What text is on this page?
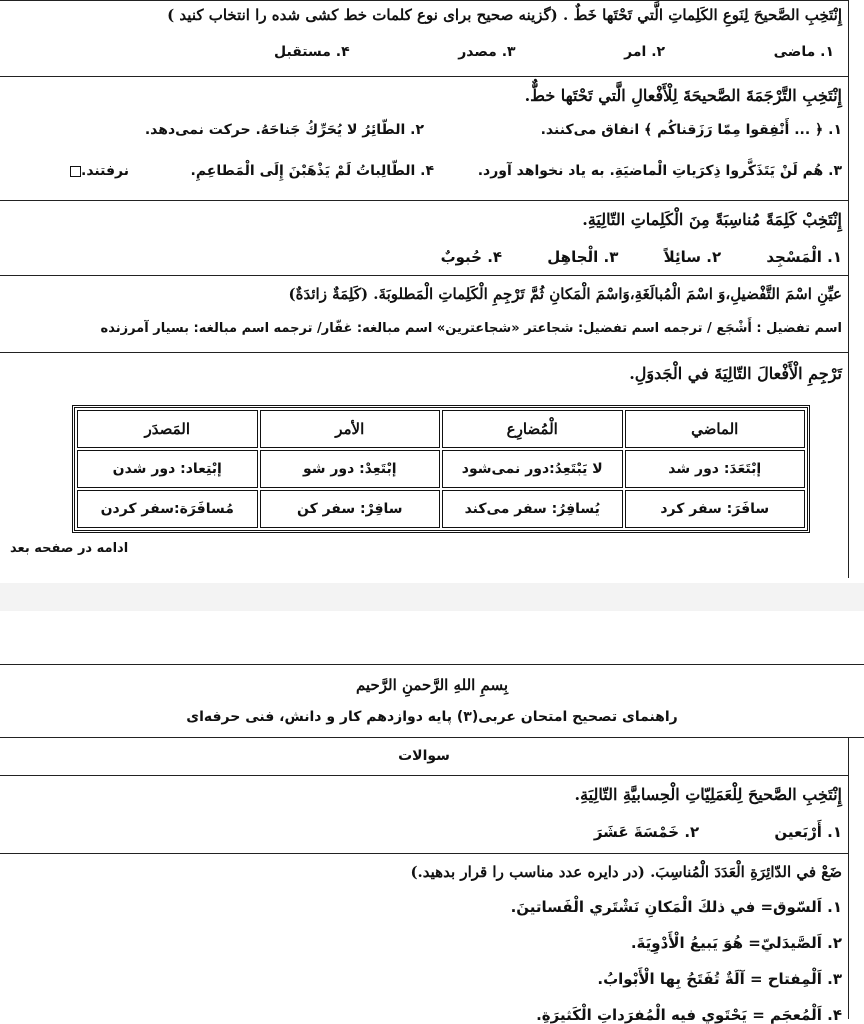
إِنْتَخِبِ الصَّحيحَ لِنَوعِ الكَلِماتِ الَّتي تَحْتَها خَطٌ . (گزینه صحیح برای نوع کلمات خط کشی شده را انتخاب کنید )
۱. ماضی
۲. امر
۳. مصدر
۴. مستقبل
إِنْتَخِبِ التَّرْجَمَةَ الصَّحيحَةَ لِلْأَفْعالِ الَّتي تَحْتَها خطٌّ.
۱. ﴿ ... أَنْفِقوا مِمّا رَزَقناكُم ﴾ انفاق می‌کنند.
۲. الطّائِرُ لا يُحَرِّكُ جَناحَهُ. حرکت نمی‌دهد.
۳. هُم لَنْ يَتَذَكَّروا ذِكرَياتِ الْماضيَةِ. به یاد نخواهد آورد.
۴. الطّالِباتُ لَمْ يَذْهَبْنَ إِلَى الْمَطاعِمِ.
نرفتند.
إِنْتَخِبْ كَلِمَةً مُناسِبَةً مِنَ الْكَلِماتِ التّالِيَةِ.
۱. الْمَسْجِد ۲. سائِلاً ۳. الْجاهِل ۴. حُبوبٌ
عيِّنِ اسْمَ التَّفْضيلِ،وَ اسْمَ الْمُبالَغَةِ،وَاسْمَ الْمَكانِ ثُمَّ تَرْجِمِ الْكَلِماتِ الْمَطلوبَةَ. (كَلِمَةٌ زائدَةٌ)
اسم تفضیل : أَشْجَع / ترجمه اسم تفضیل: شجاعتر «شجاعترین» اسم مبالغه: غفّار/ ترجمه اسم مبالغه: بسیار آمرزنده
تَرْجِمِ الْأَفْعالَ التّالِيَةَ في الْجَدوَلِ.
الماضي	الْمُضارِع	الأمر	المَصدَر
إبْتَعَدَ: دور شد	لا يَبْتَعِدُ:دور نمی‌شود	إبْتَعِدْ: دور شو	إبْتِعاد: دور شدن
سافَرَ: سفر کرد	يُسافِرُ: سفر می‌کند	سافِرْ: سفر کن	مُسافَرَة:سفر کردن
ادامه در صفحه بعد
بِسمِ اللهِ الرَّحمنِ الرَّحيم
راهنمای تصحیح امتحان عربی(۳) پایه دوازدهم کار و دانش، فنی حرفه‌ای
سوالات
إِنْتَخِبِ الصَّحيحَ لِلْعَمَلِيّاتِ الْحِسابيَّةِ التّالِيَةِ.
۱. أَرْبَعين ۲. خَمْسَةَ عَشَرَ
ضَعْ في الدّائِرَةِ الْعَدَدَ الْمُناسِبَ. (در دایره عدد مناسب را قرار بدهید.)
۱. اَلسّوق= في ذلكَ الْمَكانِ نَشْتَري الْفَساتينَ.
۲. اَلصَّيدَليّ= هُوَ يَبيعُ الْأَدْوِيَةَ.
۳. اَلْمِفتاح = آلَةٌ تُفَتَحُ بِها الْأَبْوابُ.
۴. اَلْمُعجَم = يَحْتَوي فيه الْمُفرَداتِ الْكَثيرَةِ.
